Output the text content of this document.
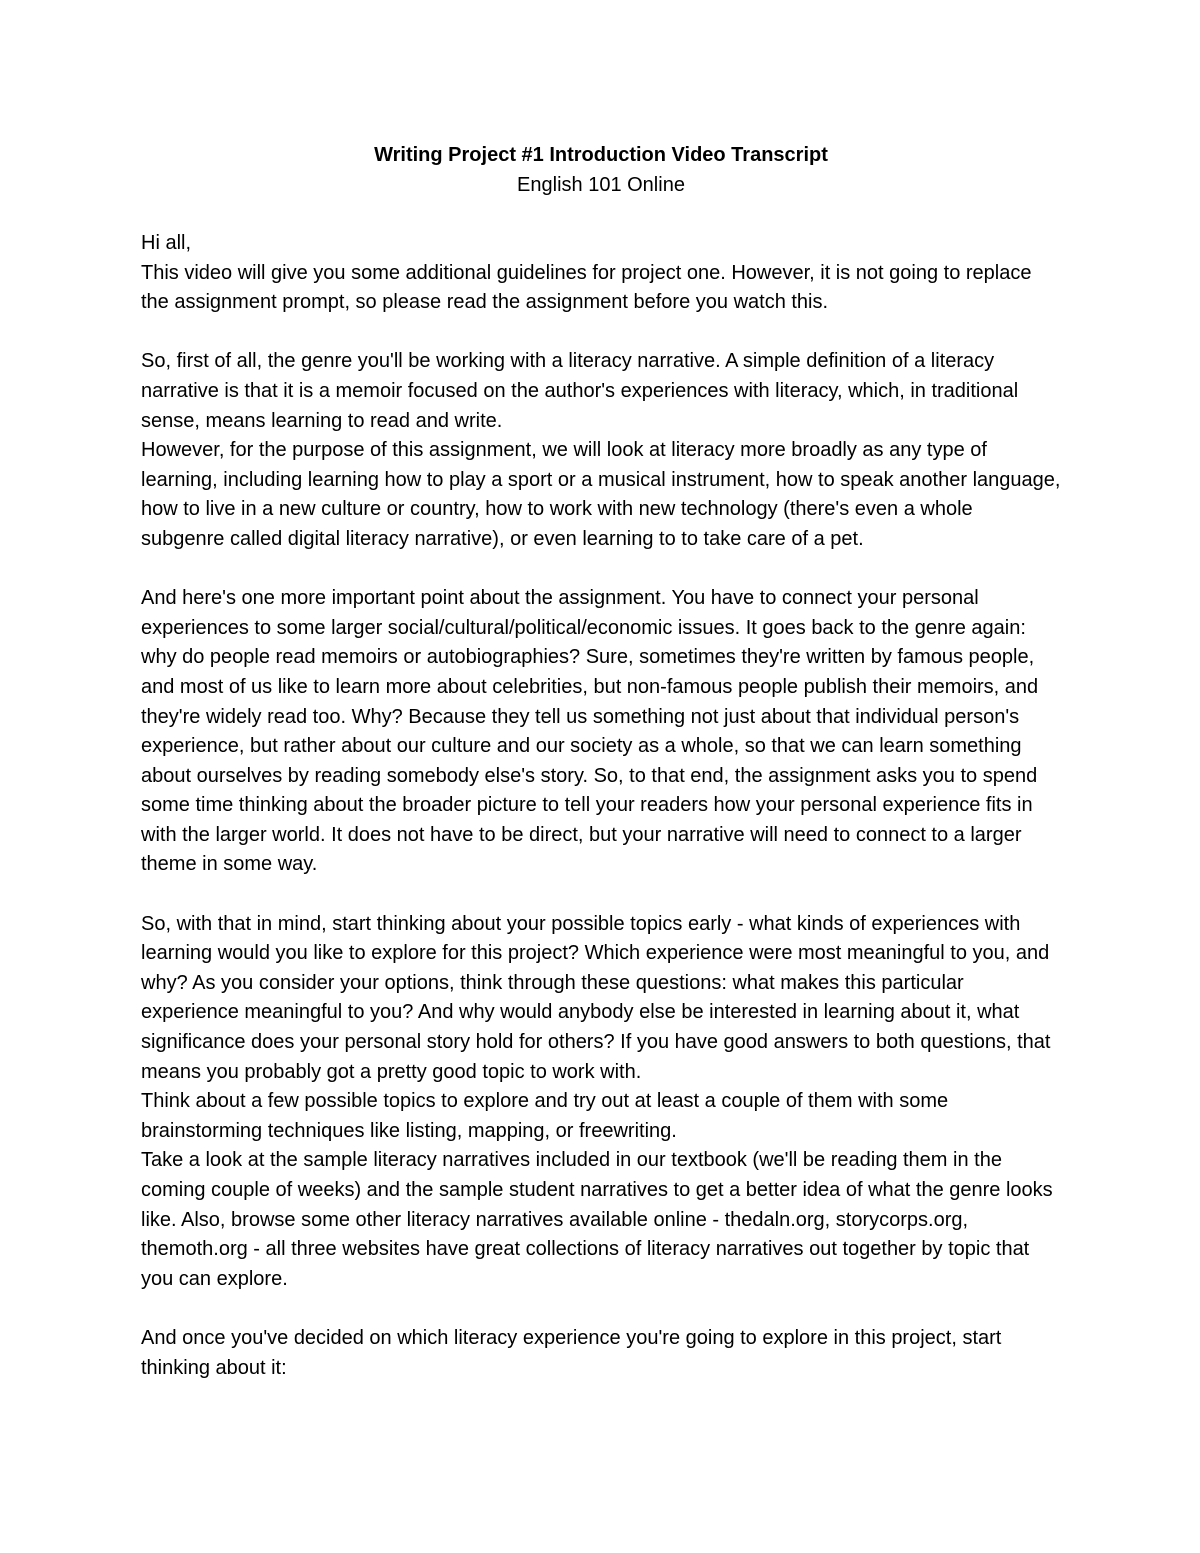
Writing Project #1 Introduction Video Transcript

English 101 Online

Hi all,

This video will give you some additional guidelines for project one. However, it is not going to replace the assignment prompt, so please read the assignment before you watch this.

So, first of all, the genre you'll be working with a literacy narrative. A simple definition of a literacy narrative is that it is a memoir focused on the author's experiences with literacy, which, in traditional sense, means learning to read and write.

However, for the purpose of this assignment, we will look at literacy more broadly as any type of learning, including learning how to play a sport or a musical instrument, how to speak another language, how to live in a new culture or country, how to work with new technology (there's even a whole subgenre called digital literacy narrative), or even learning to to take care of a pet.

And here's one more important point about the assignment. You have to connect your personal experiences to some larger social/cultural/political/economic issues. It goes back to the genre again: why do people read memoirs or autobiographies? Sure, sometimes they're written by famous people, and most of us like to learn more about celebrities, but non-famous people publish their memoirs, and they're widely read too. Why? Because they tell us something not just about that individual person's experience, but rather about our culture and our society as a whole, so that we can learn something about ourselves by reading somebody else's story. So, to that end, the assignment asks you to spend some time thinking about the broader picture to tell your readers how your personal experience fits in with the larger world. It does not have to be direct, but your narrative will need to connect to a larger theme in some way.

So, with that in mind, start thinking about your possible topics early - what kinds of experiences with learning would you like to explore for this project? Which experience were most meaningful to you, and why? As you consider your options, think through these questions: what makes this particular experience meaningful to you? And why would anybody else be interested in learning about it, what significance does your personal story hold for others? If you have good answers to both questions, that means you probably got a pretty good topic to work with.

Think about a few possible topics to explore and try out at least a couple of them with some brainstorming techniques like listing, mapping, or freewriting.

Take a look at the sample literacy narratives included in our textbook (we'll be reading them in the coming couple of weeks) and the sample student narratives to get a better idea of what the genre looks like. Also, browse some other literacy narratives available online - thedaln.org, storycorps.org, themoth.org - all three websites have great collections of literacy narratives out together by topic that you can explore.

And once you've decided on which literacy experience you're going to explore in this project, start thinking about it:
